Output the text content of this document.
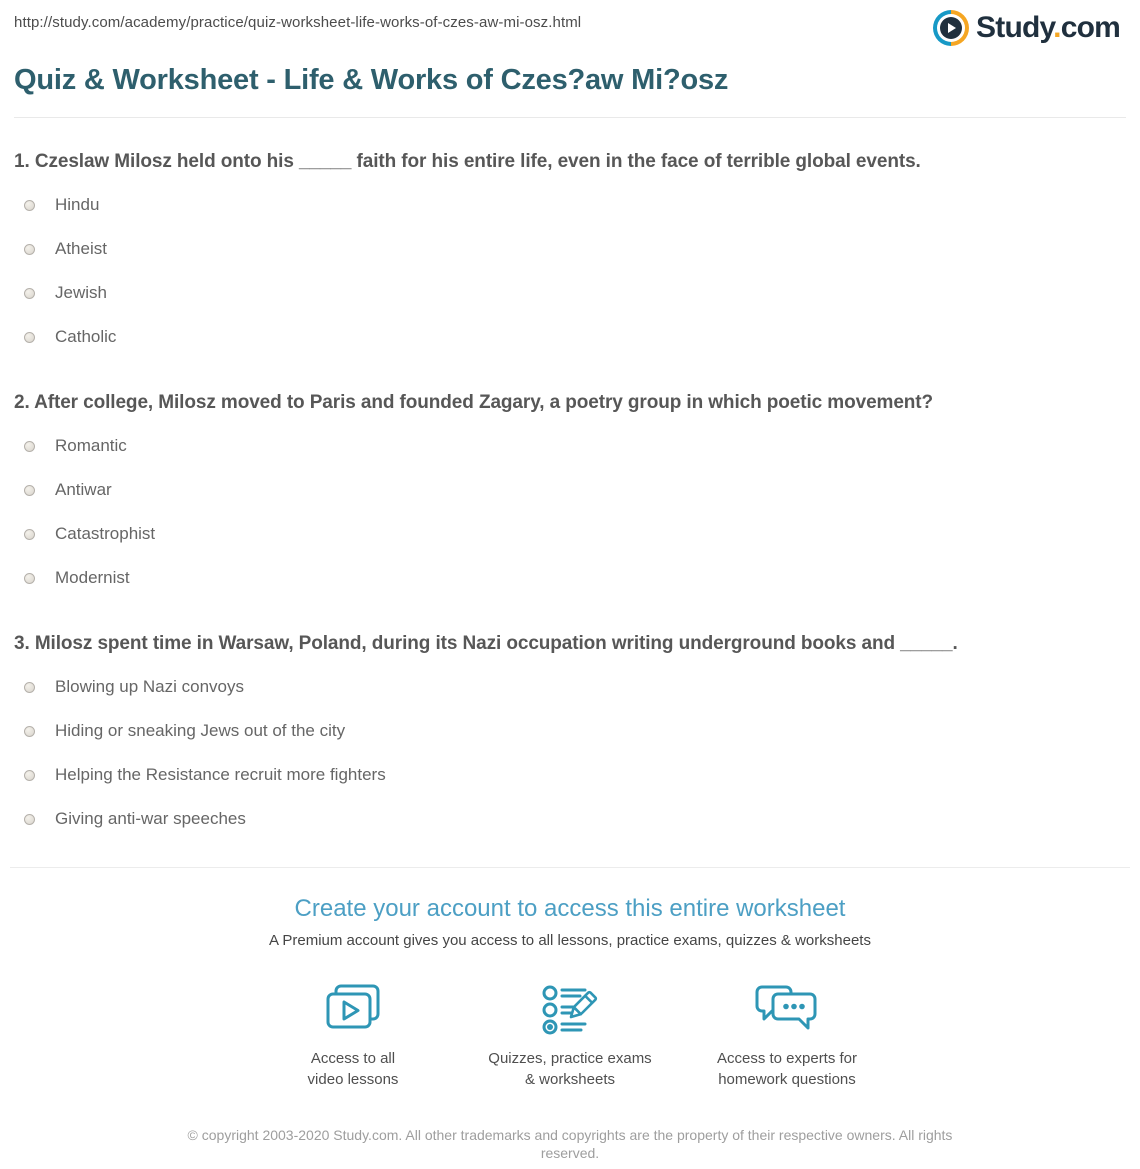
http://study.com/academy/practice/quiz-worksheet-life-works-of-czes-aw-mi-osz.html	Study.com
Quiz & Worksheet - Life & Works of Czes?aw Mi?osz
1. Czeslaw Milosz held onto his _____ faith for his entire life, even in the face of terrible global events.
Hindu
Atheist
Jewish
Catholic
2. After college, Milosz moved to Paris and founded Zagary, a poetry group in which poetic movement?
Romantic
Antiwar
Catastrophist
Modernist
3. Milosz spent time in Warsaw, Poland, during its Nazi occupation writing underground books and _____.
Blowing up Nazi convoys
Hiding or sneaking Jews out of the city
Helping the Resistance recruit more fighters
Giving anti-war speeches
Create your account to access this entire worksheet
A Premium account gives you access to all lessons, practice exams, quizzes & worksheets
Access to all
video lessons
Quizzes, practice exams
& worksheets
Access to experts for
homework questions
© copyright 2003-2020 Study.com. All other trademarks and copyrights are the property of their respective owners. All rights
reserved.
